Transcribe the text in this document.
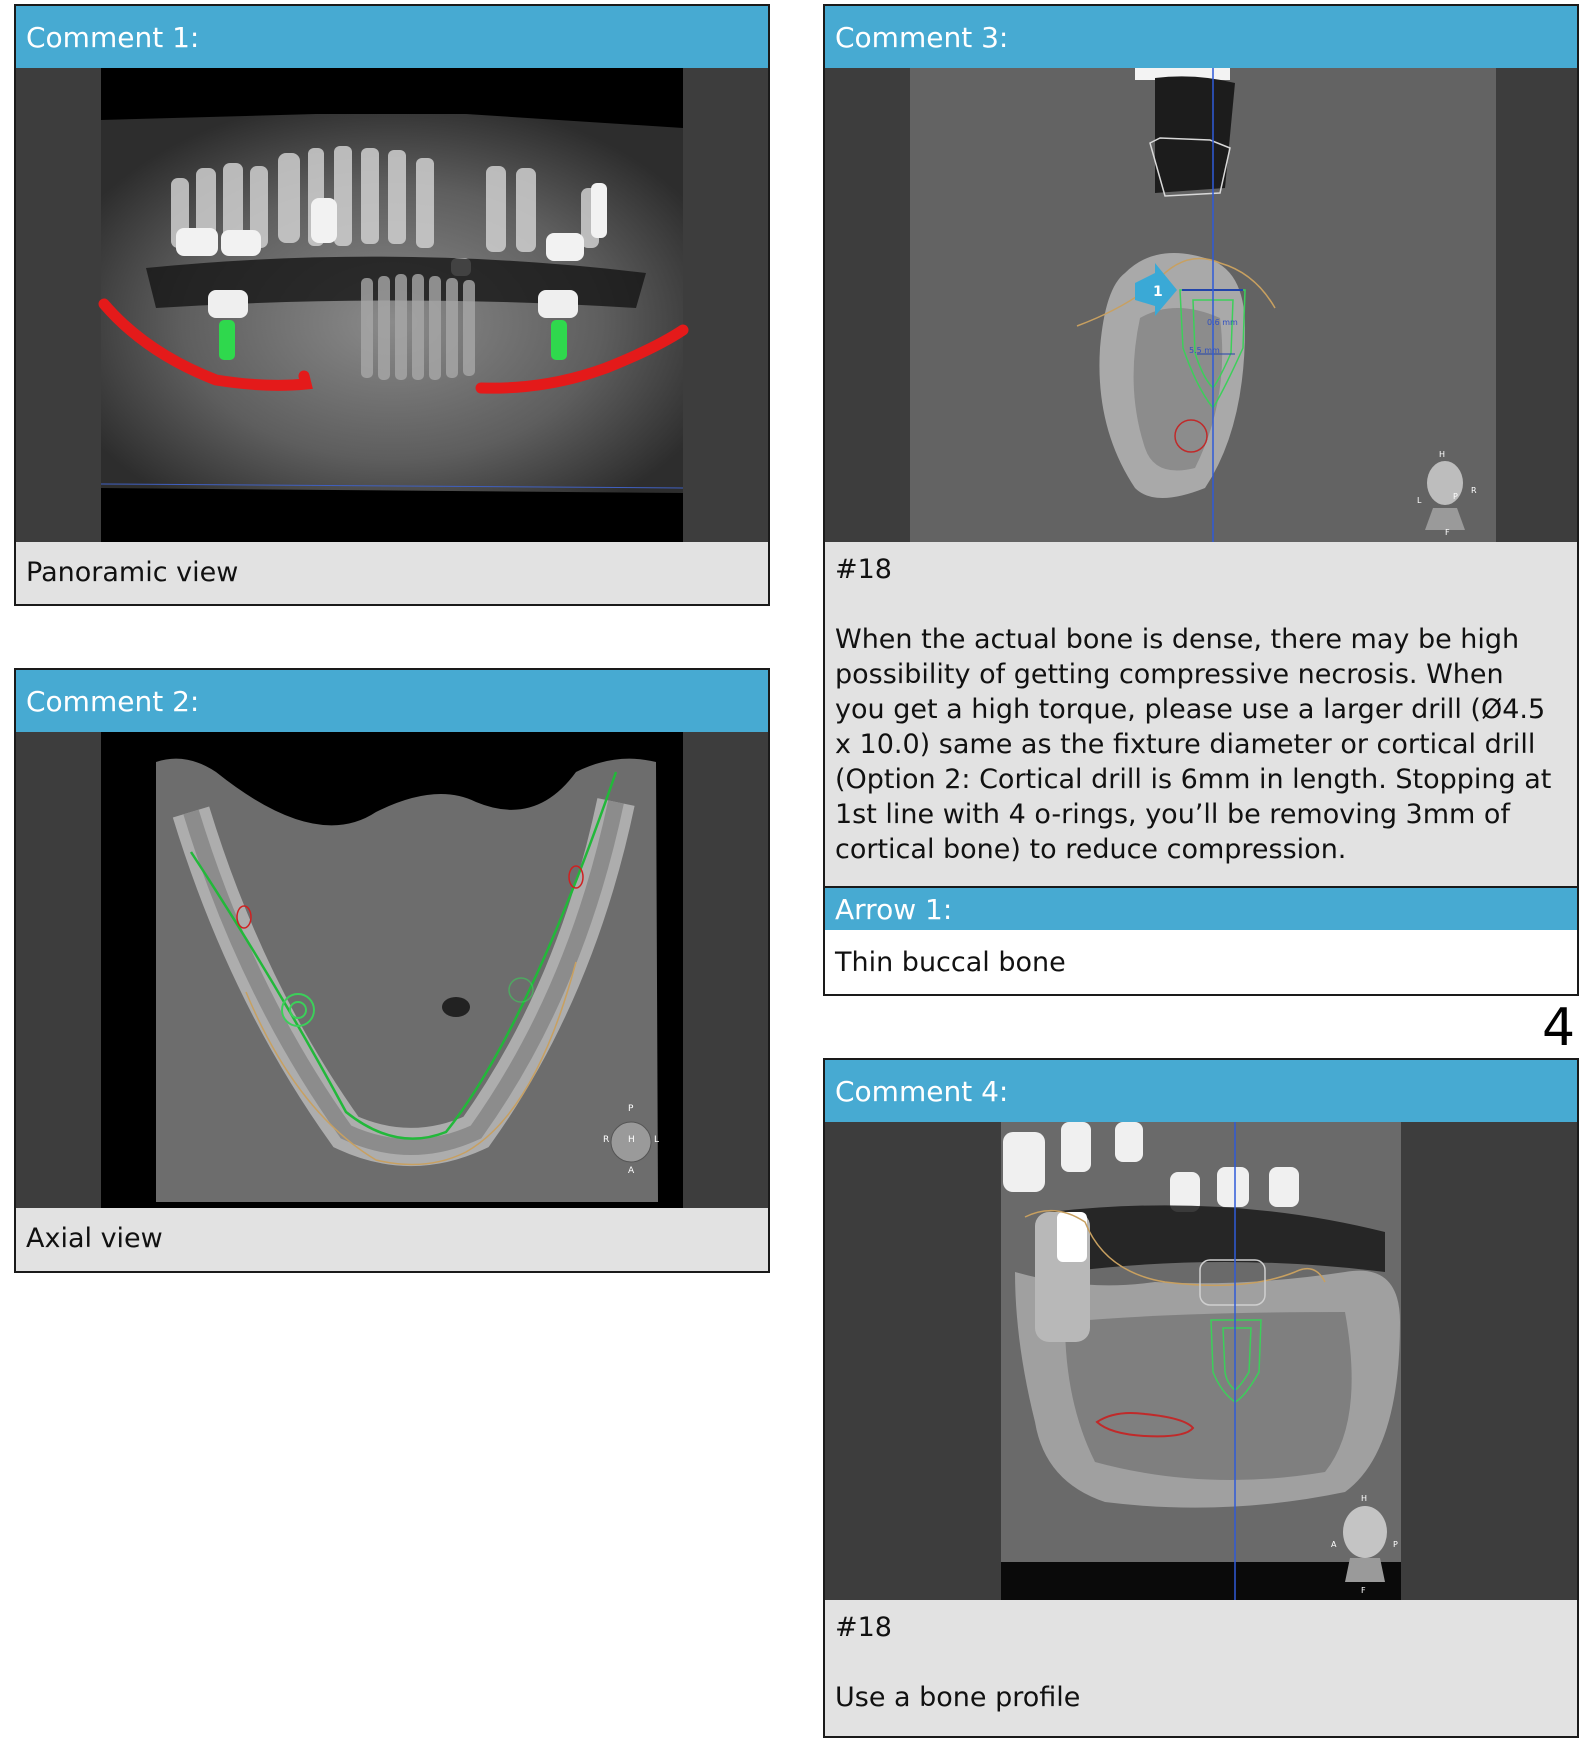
Comment 1:
Panoramic view
Comment 2:
P
R H L
A
Axial view
Comment 3:
1
0.6 mm
5.5 mm
H
L	P
R
F

#18

When the actual bone is dense, there may be high possibility of getting compressive necrosis. When you get a high torque, please use a larger drill (Ø4.5 x 10.0) same as the fixture diameter or cortical drill (Option 2: Cortical drill is 6mm in length. Stopping at 1st line with 4 o-rings, you’ll be removing 3mm of cortical bone) to reduce compression.

Arrow 1:
Thin buccal bone
4
Comment 4:
H
A	P
F

#18

Use a bone profile
